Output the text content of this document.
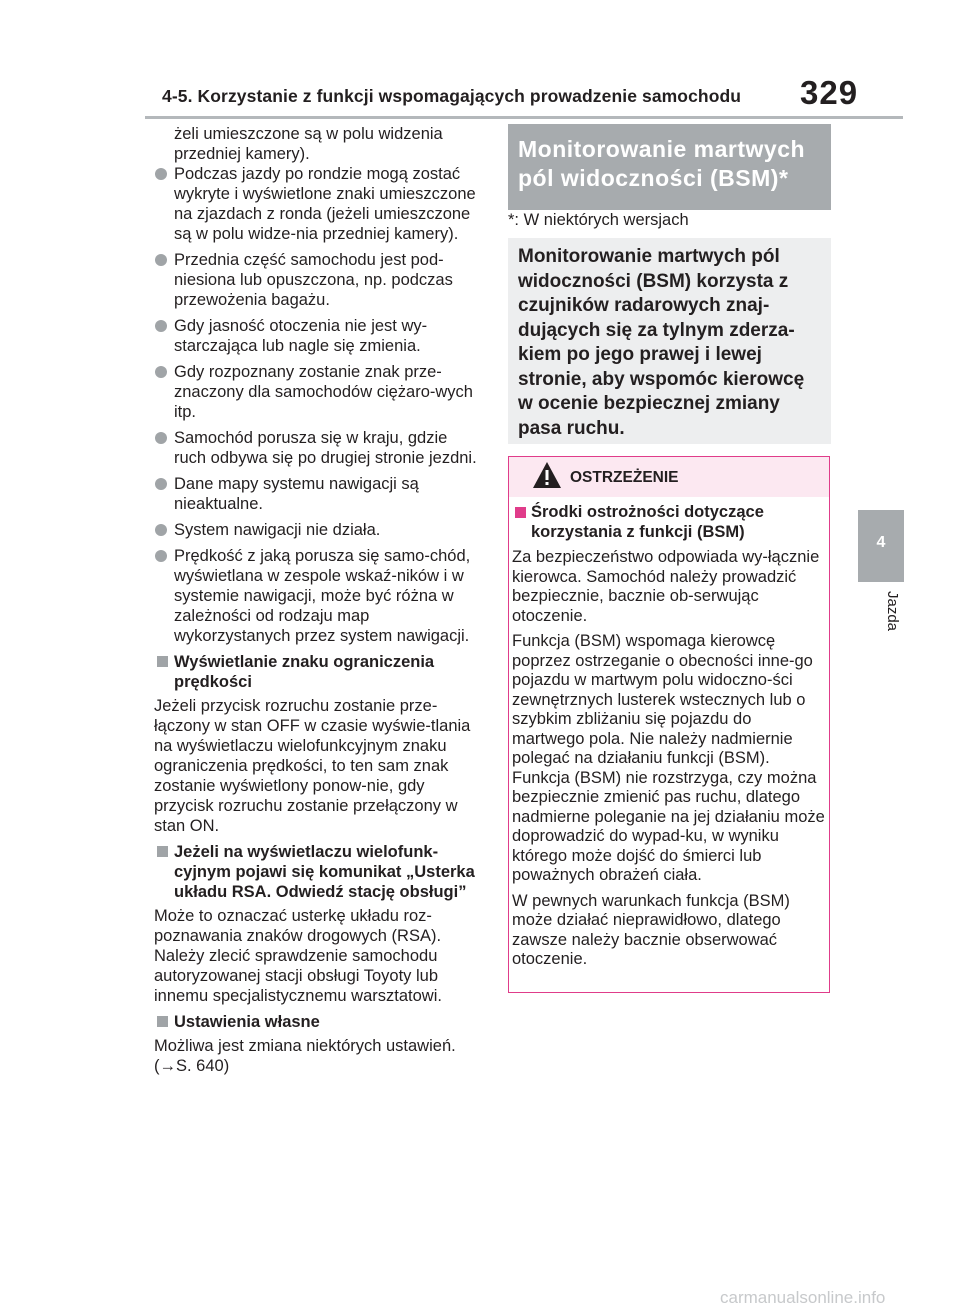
4-5. Korzystanie z funkcji wspomagających prowadzenie samochodu 329

żeli umieszczone są w polu widzenia przedniej kamery).

Podczas jazdy po rondzie mogą zostać wykryte i wyświetlone znaki umieszczone na zjazdach z ronda (jeżeli umieszczone są w polu widze-nia przedniej kamery).
Przednia część samochodu jest pod-niesiona lub opuszczona, np. podczas przewożenia bagażu.
Gdy jasność otoczenia nie jest wy-starczająca lub nagle się zmienia.
Gdy rozpoznany zostanie znak prze-znaczony dla samochodów ciężaro-wych itp.
Samochód porusza się w kraju, gdzie ruch odbywa się po drugiej stronie jezdni.
Dane mapy systemu nawigacji są nieaktualne.
System nawigacji nie działa.
Prędkość z jaką porusza się samo-chód, wyświetlana w zespole wskaź-ników i w systemie nawigacji, może być różna w zależności od rodzaju map wykorzystanych przez system nawigacji.
Wyświetlanie znaku ograniczenia prędkości

Jeżeli przycisk rozruchu zostanie prze-łączony w stan OFF w czasie wyświe-tlania na wyświetlaczu wielofunkcyjnym znaku ograniczenia prędkości, to ten sam znak zostanie wyświetlony ponow-nie, gdy przycisk rozruchu zostanie przełączony w stan ON.

Jeżeli na wyświetlaczu wielofunk-cyjnym pojawi się komunikat „Usterka układu RSA. Odwiedź stację obsługi”

Może to oznaczać usterkę układu roz-poznawania znaków drogowych (RSA). Należy zlecić sprawdzenie samochodu autoryzowanej stacji obsługi Toyoty lub innemu specjalistycznemu warsztatowi.

Ustawienia własne

Możliwa jest zmiana niektórych ustawień. (→S. 640)

Monitorowanie martwych pól widoczności (BSM)*
*: W niektórych wersjach
Monitorowanie martwych pól widoczności (BSM) korzysta z czujników radarowych znaj-dujących się za tylnym zderza-kiem po jego prawej i lewej stronie, aby wspomóc kierowcę w ocenie bezpiecznej zmiany pasa ruchu.
OSTRZEŻENIE
Środki ostrożności dotyczące korzystania z funkcji (BSM)

Za bezpieczeństwo odpowiada wy-łącznie kierowca. Samochód należy prowadzić bezpiecznie, bacznie ob-serwując otoczenie.

Funkcja (BSM) wspomaga kierowcę poprzez ostrzeganie o obecności inne-go pojazdu w martwym polu widoczno-ści zewnętrznych lusterek wstecznych lub o szybkim zbliżaniu się pojazdu do martwego pola. Nie należy nadmiernie polegać na działaniu funkcji (BSM). Funkcja (BSM) nie rozstrzyga, czy można bezpiecznie zmienić pas ruchu, dlatego nadmierne poleganie na jej działaniu może doprowadzić do wypad-ku, w wyniku którego może dojść do śmierci lub poważnych obrażeń ciała.

W pewnych warunkach funkcja (BSM) może działać nieprawidłowo, dlatego zawsze należy bacznie obserwować otoczenie.

4
Jazda
carmanualsonline.info
